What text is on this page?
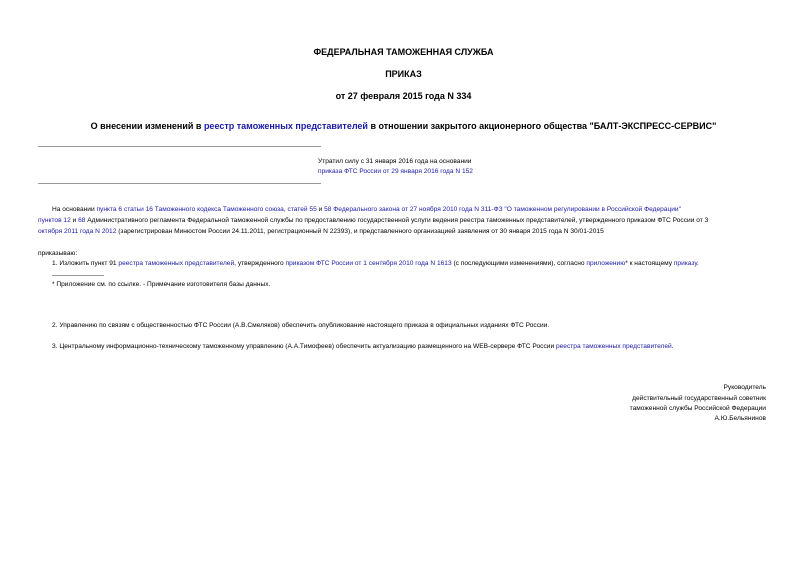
ФЕДЕРАЛЬНАЯ ТАМОЖЕННАЯ СЛУЖБА
ПРИКАЗ
от 27 февраля 2015 года N 334
О внесении изменений в реестр таможенных представителей в отношении закрытого акционерного общества "БАЛТ-ЭКСПРЕСС-СЕРВИС"
Утратил силу с 31 января 2016 года на основании
приказа ФТС России от 29 января 2016 года N 152
На основании пункта 6 статьи 16 Таможенного кодекса Таможенного союза, статей 55 и 58 Федерального закона от 27 ноября 2010 года N 311-ФЗ "О таможенном регулировании в Российской Федерации"
пунктов 12 и 68 Административного регламента Федеральной таможенной службы по предоставлению государственной услуги ведения реестра таможенных представителей, утвержденного приказом ФТС России от 3
октября 2011 года N 2012 (зарегистрирован Минюстом России 24.11.2011, регистрационный N 22393), и представленного организацией заявления от 30 января 2015 года N 30/01-2015
приказываю:
1. Изложить пункт 91 реестра таможенных представителей, утвержденного приказом ФТС России от 1 сентября 2010 года N 1613 (с последующими изменениями), согласно приложению* к настоящему приказу.
* Приложение см. по ссылке. - Примечание изготовителя базы данных.
2. Управлению по связям с общественностью ФТС России (А.В.Смеляков) обеспечить опубликование настоящего приказа в официальных изданиях ФТС России.
3. Центральному информационно-техническому таможенному управлению (А.А.Тимофеев) обеспечить актуализацию размещенного на WEB-сервере ФТС России реестра таможенных представителей.
Руководитель
действительный государственный советник
таможенной службы Российской Федерации
А.Ю.Бельянинов
